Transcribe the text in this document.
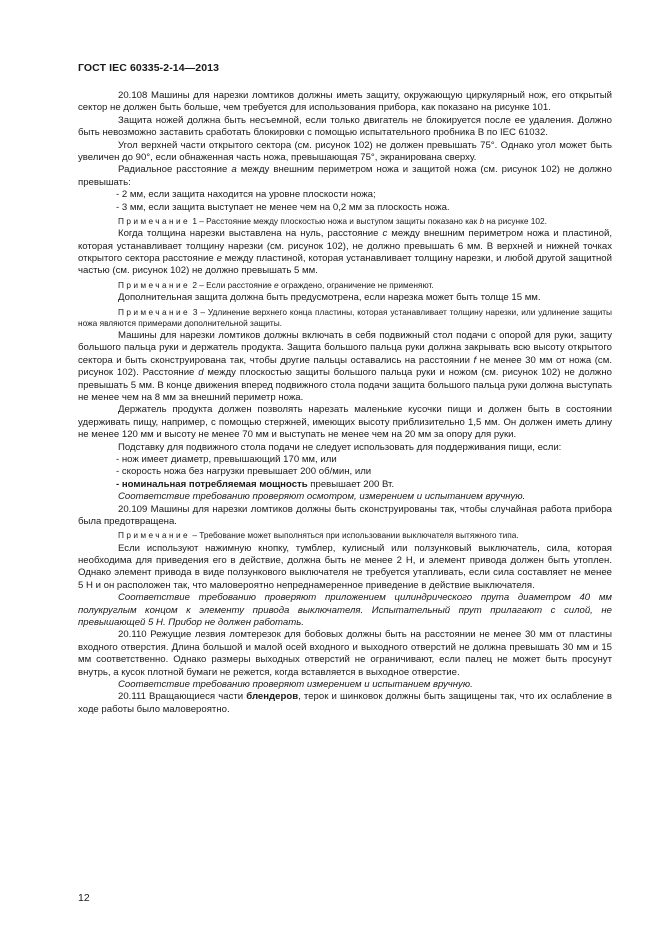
ГОСТ IEC 60335-2-14—2013

20.108 Машины для нарезки ломтиков должны иметь защиту, окружающую циркулярный нож, его открытый сектор не должен быть больше, чем требуется для использования прибора, как показано на рисунке 101.

Защита ножей должна быть несъемной, если только двигатель не блокируется после ее удаления. Должно быть невозможно заставить сработать блокировки с помощью испытательного пробника В по IEC 61032.

Угол верхней части открытого сектора (см. рисунок 102) не должен превышать 75°. Однако угол может быть увеличен до 90°, если обнаженная часть ножа, превышающая 75°, экранирована сверху.

Радиальное расстояние а между внешним периметром ножа и защитой ножа (см. рисунок 102) не должно превышать:

- 2 мм, если защита находится на уровне плоскости ножа;

- 3 мм, если защита выступает не менее чем на 0,2 мм за плоскость ножа.

Примечание 1 – Расстояние между плоскостью ножа и выступом защиты показано как b на рисунке 102.

Когда толщина нарезки выставлена на нуль, расстояние с между внешним периметром ножа и пластиной, которая устанавливает толщину нарезки (см. рисунок 102), не должно превышать 6 мм. В верхней и нижней точках открытого сектора расстояние е между пластиной, которая устанавливает толщину нарезки, и любой другой защитной частью (см. рисунок 102) не должно превышать 5 мм.

Примечание 2 – Если расстояние е ограждено, ограничение не применяют.

Дополнительная защита должна быть предусмотрена, если нарезка может быть толще 15 мм.

Примечание 3 – Удлинение верхнего конца пластины, которая устанавливает толщину нарезки, или удлинение защиты ножа являются примерами дополнительной защиты.

Машины для нарезки ломтиков должны включать в себя подвижный стол подачи с опорой для руки, защиту большого пальца руки и держатель продукта. Защита большого пальца руки должна закрывать всю высоту открытого сектора и быть сконструирована так, чтобы другие пальцы оставались на расстоянии f не менее 30 мм от ножа (см. рисунок 102). Расстояние d между плоскостью защиты большого пальца руки и ножом (см. рисунок 102) не должно превышать 5 мм. В конце движения вперед подвижного стола подачи защита большого пальца руки должна выступать не менее чем на 8 мм за внешний периметр ножа.

Держатель продукта должен позволять нарезать маленькие кусочки пищи и должен быть в состоянии удерживать пищу, например, с помощью стержней, имеющих высоту приблизительно 1,5 мм. Он должен иметь длину не менее 120 мм и высоту не менее 70 мм и выступать не менее чем на 20 мм за опору для руки.

Подставку для подвижного стола подачи не следует использовать для поддерживания пищи, если:

- нож имеет диаметр, превышающий 170 мм, или

- скорость ножа без нагрузки превышает 200 об/мин, или

- номинальная потребляемая мощность превышает 200 Вт.

Соответствие требованию проверяют осмотром, измерением и испытанием вручную.

20.109 Машины для нарезки ломтиков должны быть сконструированы так, чтобы случайная работа прибора была предотвращена.

Примечание – Требование может выполняться при использовании выключателя вытяжного типа.

Если используют нажимную кнопку, тумблер, кулисный или ползунковый выключатель, сила, которая необходима для приведения его в действие, должна быть не менее 2 Н, и элемент привода должен быть утоплен. Однако элемент привода в виде ползункового выключателя не требуется утапливать, если сила составляет не менее 5 Н и он расположен так, что маловероятно непреднамеренное приведение в действие выключателя.

Соответствие требованию проверяют приложением цилиндрического прута диаметром 40 мм полукруглым концом к элементу привода выключателя. Испытательный прут прилагают с силой, не превышающей 5 Н. Прибор не должен работать.

20.110 Режущие лезвия ломтерезок для бобовых должны быть на расстоянии не менее 30 мм от пластины входного отверстия. Длина большой и малой осей входного и выходного отверстий не должна превышать 30 мм и 15 мм соответственно. Однако размеры выходных отверстий не ограничивают, если палец не может быть просунут внутрь, а кусок плотной бумаги не режется, когда вставляется в выходное отверстие.

Соответствие требованию проверяют измерением и испытанием вручную.

20.111 Вращающиеся части блендеров, терок и шинковок должны быть защищены так, что их ослабление в ходе работы было маловероятно.

12
